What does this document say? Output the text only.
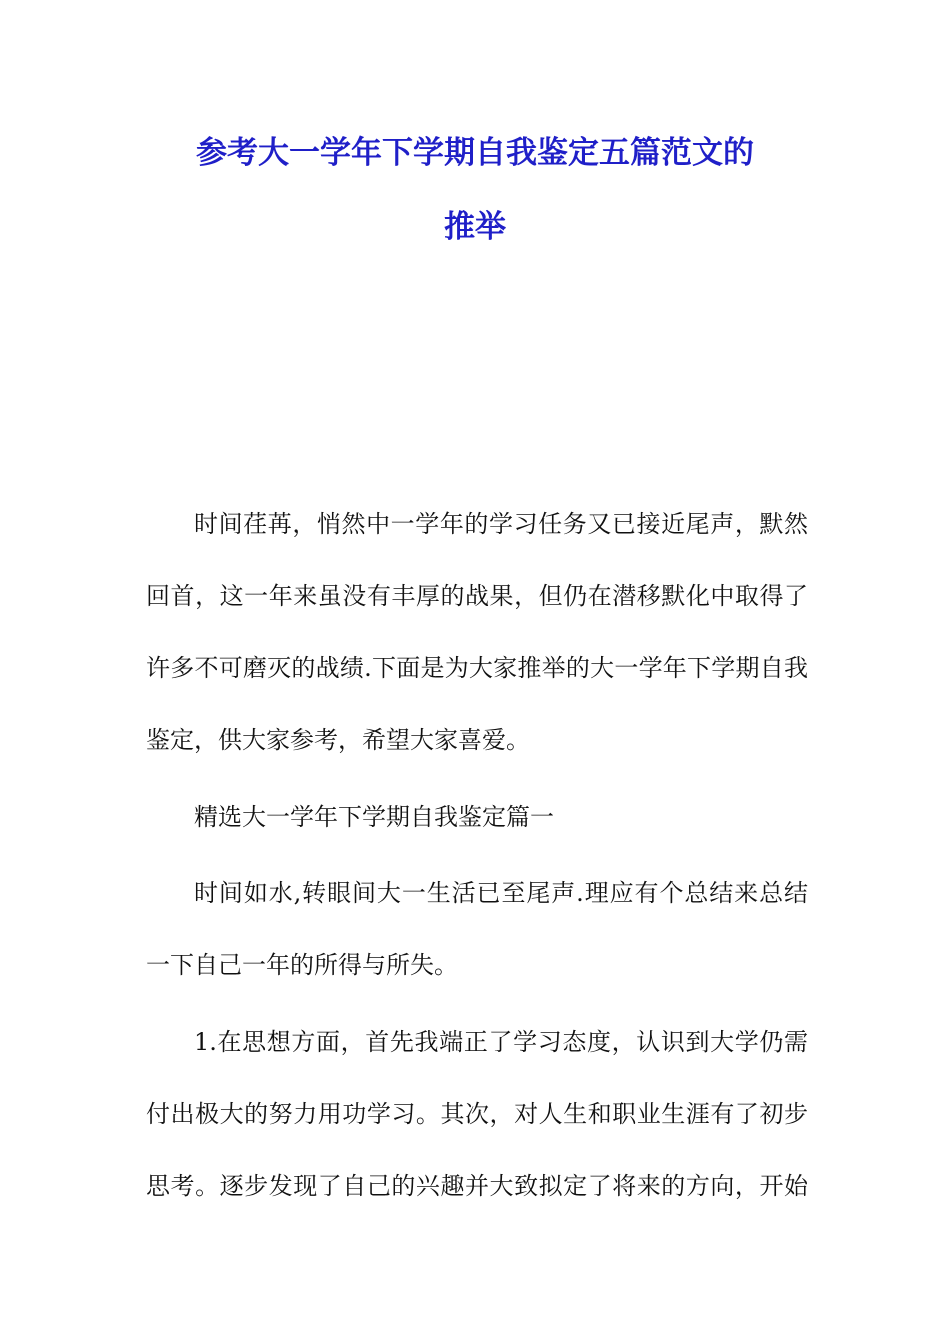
参考大一学年下学期自我鉴定五篇范文的
推举

时间荏苒，悄然中一学年的学习任务又已接近尾声，默然

回首，这一年来虽没有丰厚的战果，但仍在潜移默化中取得了

许多不可磨灭的战绩.下面是为大家推举的大一学年下学期自我

鉴定，供大家参考，希望大家喜爱。

精选大一学年下学期自我鉴定篇一

时间如水,转眼间大一生活已至尾声.理应有个总结来总结

一下自己一年的所得与所失。

1.在思想方面，首先我端正了学习态度，认识到大学仍需

付出极大的努力用功学习。其次，对人生和职业生涯有了初步

思考。逐步发现了自己的兴趣并大致拟定了将来的方向，开始
